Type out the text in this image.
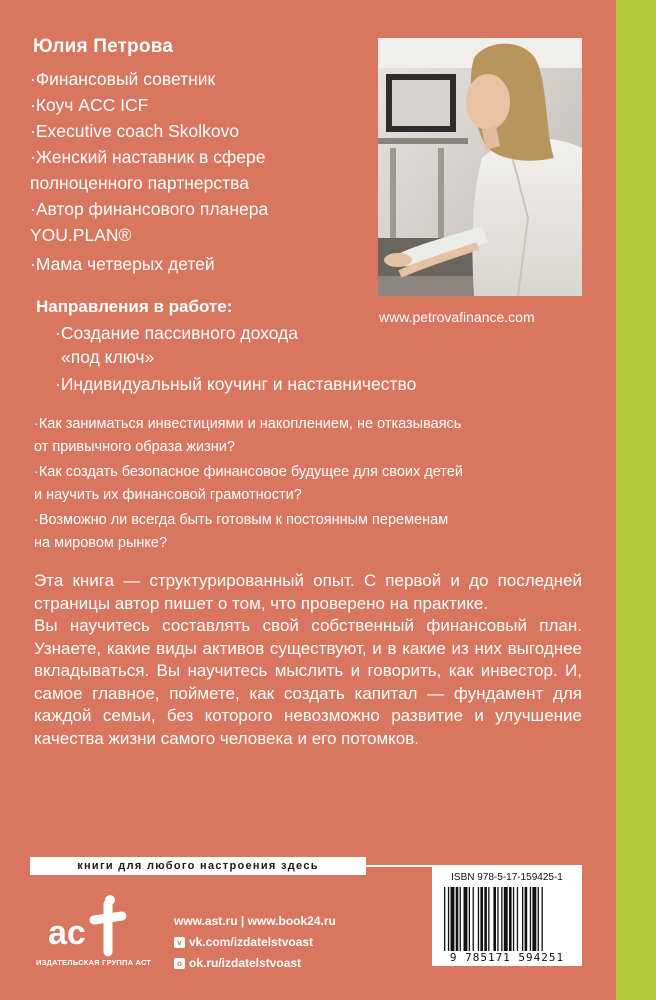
Юлия Петрова
·Финансовый советник
·Коуч ACC ICF
·Executive coach Skolkovo
·Женский наставник в сфере
полноценного партнерства
·Автор финансового планера
YOU.PLAN®
·Мама четверых детей
www.petrovafinance.com
Направления в работе:
·Создание пассивного дохода
«под ключ»
·Индивидуальный коучинг и наставничество
·Как заниматься инвестициями и накоплением, не отказываясь
от привычного образа жизни?
·Как создать безопасное финансовое будущее для своих детей
и научить их финансовой грамотности?
·Возможно ли всегда быть готовым к постоянным переменам
на мировом рынке?

Эта книга — структурированный опыт. С первой и до последней страницы автор пишет о том, что проверено на практике.

Вы научитесь составлять свой собственный финансовый план. Узнаете, какие виды активов существуют, и в какие из них выгоднее вкладываться. Вы научитесь мыслить и говорить, как инвестор. И, самое главное, поймете, как создать капитал — фундамент для каждой семьи, без которого невозможно развитие и улучшение качества жизни самого человека и его потомков.

книги для любого настроения здесь
ac
ИЗДАТЕЛЬСКАЯ ГРУППА АСТ
www.ast.ru | www.book24.ru
v vk.com/izdatelstvoast
o ok.ru/izdatelstvoast
ISBN 978-5-17-159425-1
9 785171 594251
